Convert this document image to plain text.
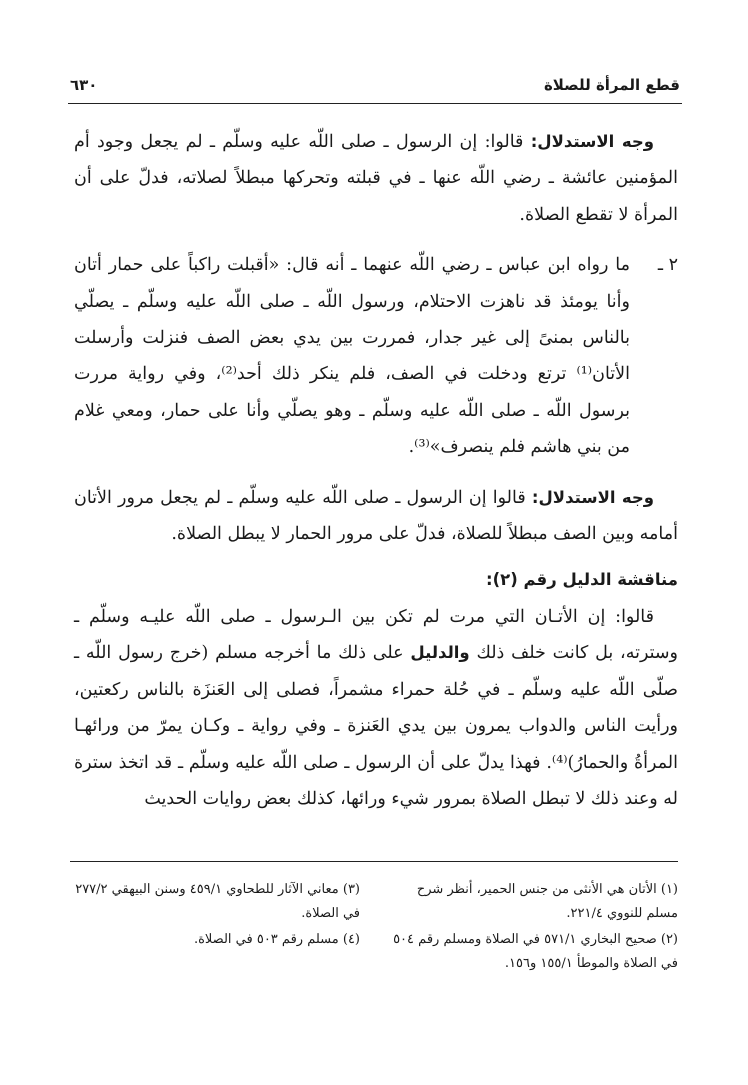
قطع المرأة للصلاة
٦٣٠

وجه الاستدلال: قالوا: إن الرسول ـ صلى اللّه عليه وسلّم ـ لم يجعل وجود أم المؤمنين عائشة ـ رضي اللّه عنها ـ في قبلته وتحركها مبطلاً لصلاته، فدلّ على أن المرأة لا تقطع الصلاة.

٢ ـ
ما رواه ابن عباس ـ رضي اللّه عنهما ـ أنه قال: «أقبلت راكباً على حمار أتان وأنا يومئذ قد ناهزت الاحتلام، ورسول اللّه ـ صلى اللّه عليه وسلّم ـ يصلّي بالناس بمنىً إلى غير جدار، فمررت بين يدي بعض الصف فنزلت وأرسلت الأتان⁽¹⁾ ترتع ودخلت في الصف، فلم ينكر ذلك أحد⁽²⁾، وفي رواية مررت برسول اللّه ـ صلى اللّه عليه وسلّم ـ وهو يصلّي وأنا على حمار، ومعي غلام من بني هاشم فلم ينصرف»⁽³⁾.

وجه الاستدلال: قالوا إن الرسول ـ صلى اللّه عليه وسلّم ـ لم يجعل مرور الأتان أمامه وبين الصف مبطلاً للصلاة، فدلّ على مرور الحمار لا يبطل الصلاة.

مناقشة الدليل رقم (٢):

قالوا: إن الأتـان التي مرت لم تكن بين الـرسول ـ صلى اللّه عليـه وسلّم ـ وسترته، بل كانت خلف ذلك والدليل على ذلك ما أخرجه مسلم (خرج رسول اللّه ـ صلّى اللّه عليه وسلّم ـ في حُلة حمراء مشمراً، فصلى إلى العَنزَة بالناس ركعتين، ورأيت الناس والدواب يمرون بين يدي العَنزة ـ وفي رواية ـ وكـان يمرّ من ورائهـا المرأةُ والحمارُ)⁽⁴⁾. فهذا يدلّ على أن الرسول ـ صلى اللّه عليه وسلّم ـ قد اتخذ سترة له وعند ذلك لا تبطل الصلاة بمرور شيء ورائها، كذلك بعض روايات الحديث

(١) الأتان هي الأنثى من جنس الحمير، أنظر شرح مسلم للنووي ٢٢١/٤.

(٢) صحيح البخاري ٥٧١/١ في الصلاة ومسلم رقم ٥٠٤ في الصلاة والموطأ ١٥٥/١ و١٥٦.

(٣) معاني الآثار للطحاوي ٤٥٩/١ وسنن البيهقي ٢٧٧/٢ في الصلاة.

(٤) مسلم رقم ٥٠٣ في الصلاة.
